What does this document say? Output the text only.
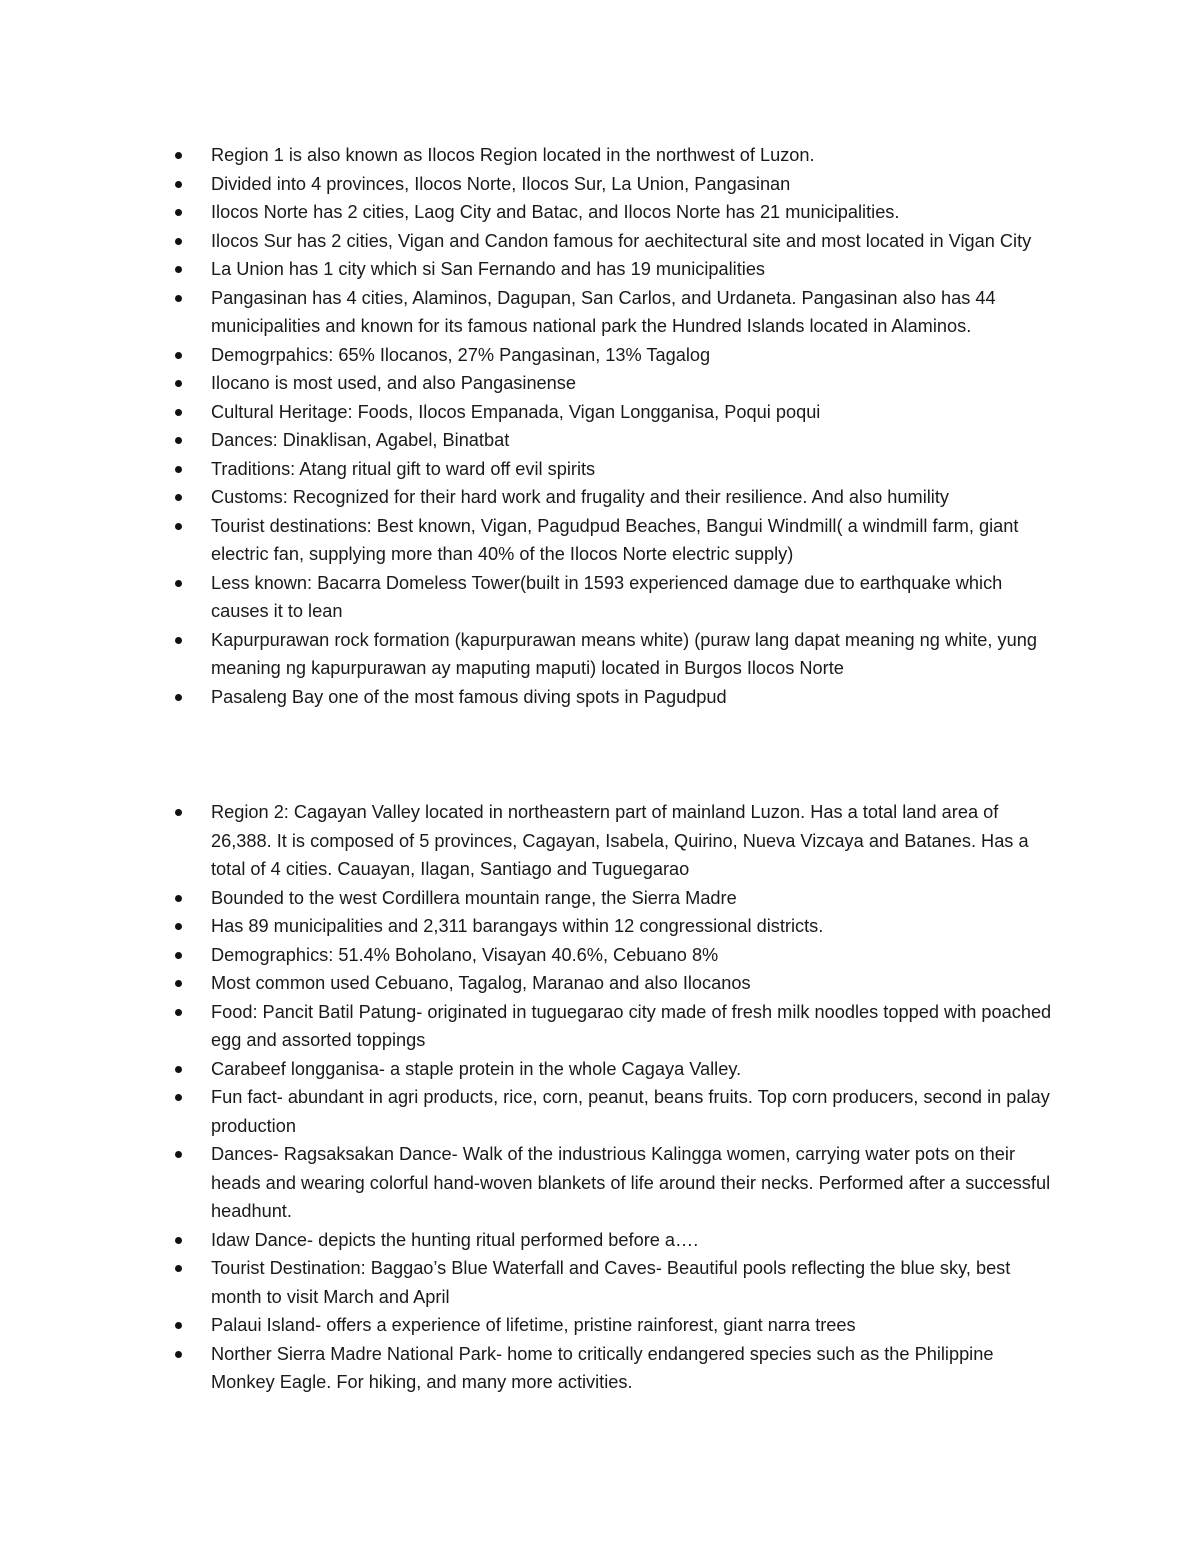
Region 1 is also known as Ilocos Region located in the northwest of Luzon.
Divided into 4 provinces, Ilocos Norte, Ilocos Sur, La Union, Pangasinan
Ilocos Norte has 2 cities, Laog City and Batac, and Ilocos Norte has 21 municipalities.
Ilocos Sur has 2 cities, Vigan and Candon famous for aechitectural site and most located in Vigan City
La Union has 1 city which si San Fernando and has 19 municipalities
Pangasinan has 4 cities, Alaminos, Dagupan, San Carlos, and Urdaneta. Pangasinan also has 44 municipalities and known for its famous national park the Hundred Islands located in Alaminos.
Demogrpahics: 65% Ilocanos, 27% Pangasinan, 13% Tagalog
Ilocano is most used, and also Pangasinense
Cultural Heritage: Foods, Ilocos Empanada, Vigan Longganisa, Poqui poqui
Dances: Dinaklisan, Agabel, Binatbat
Traditions: Atang ritual gift to ward off evil spirits
Customs: Recognized for their hard work and frugality and their resilience. And also humility
Tourist destinations: Best known, Vigan, Pagudpud Beaches, Bangui Windmill( a windmill farm, giant electric fan, supplying more than 40% of the Ilocos Norte electric supply)
Less known: Bacarra Domeless Tower(built in 1593 experienced damage due to earthquake which causes it to lean
Kapurpurawan rock formation (kapurpurawan means white) (puraw lang dapat meaning ng white, yung meaning ng kapurpurawan ay maputing maputi) located in Burgos Ilocos Norte
Pasaleng Bay one of the most famous diving spots in Pagudpud
Region 2: Cagayan Valley located in northeastern part of mainland Luzon. Has a total land area of 26,388. It is composed of 5 provinces, Cagayan, Isabela, Quirino, Nueva Vizcaya and Batanes. Has a total of 4 cities. Cauayan, Ilagan, Santiago and Tuguegarao
Bounded to the west Cordillera mountain range, the Sierra Madre
Has 89 municipalities and 2,311 barangays within 12 congressional districts.
Demographics: 51.4% Boholano, Visayan 40.6%, Cebuano 8%
Most common used Cebuano, Tagalog, Maranao and also Ilocanos
Food: Pancit Batil Patung- originated in tuguegarao city made of fresh milk noodles topped with poached egg and assorted toppings
Carabeef longganisa- a staple protein in the whole Cagaya Valley.
Fun fact- abundant in agri products, rice, corn, peanut, beans fruits. Top corn producers, second in palay production
Dances- Ragsaksakan Dance- Walk of the industrious Kalingga women, carrying water pots on their heads and wearing colorful hand-woven blankets of life around their necks. Performed after a successful headhunt.
Idaw Dance- depicts the hunting ritual performed before a….
Tourist Destination: Baggao’s Blue Waterfall and Caves- Beautiful pools reflecting the blue sky, best month to visit March and April
Palaui Island- offers a experience of lifetime, pristine rainforest, giant narra trees
Norther Sierra Madre National Park- home to critically endangered species such as the Philippine Monkey Eagle. For hiking, and many more activities.
